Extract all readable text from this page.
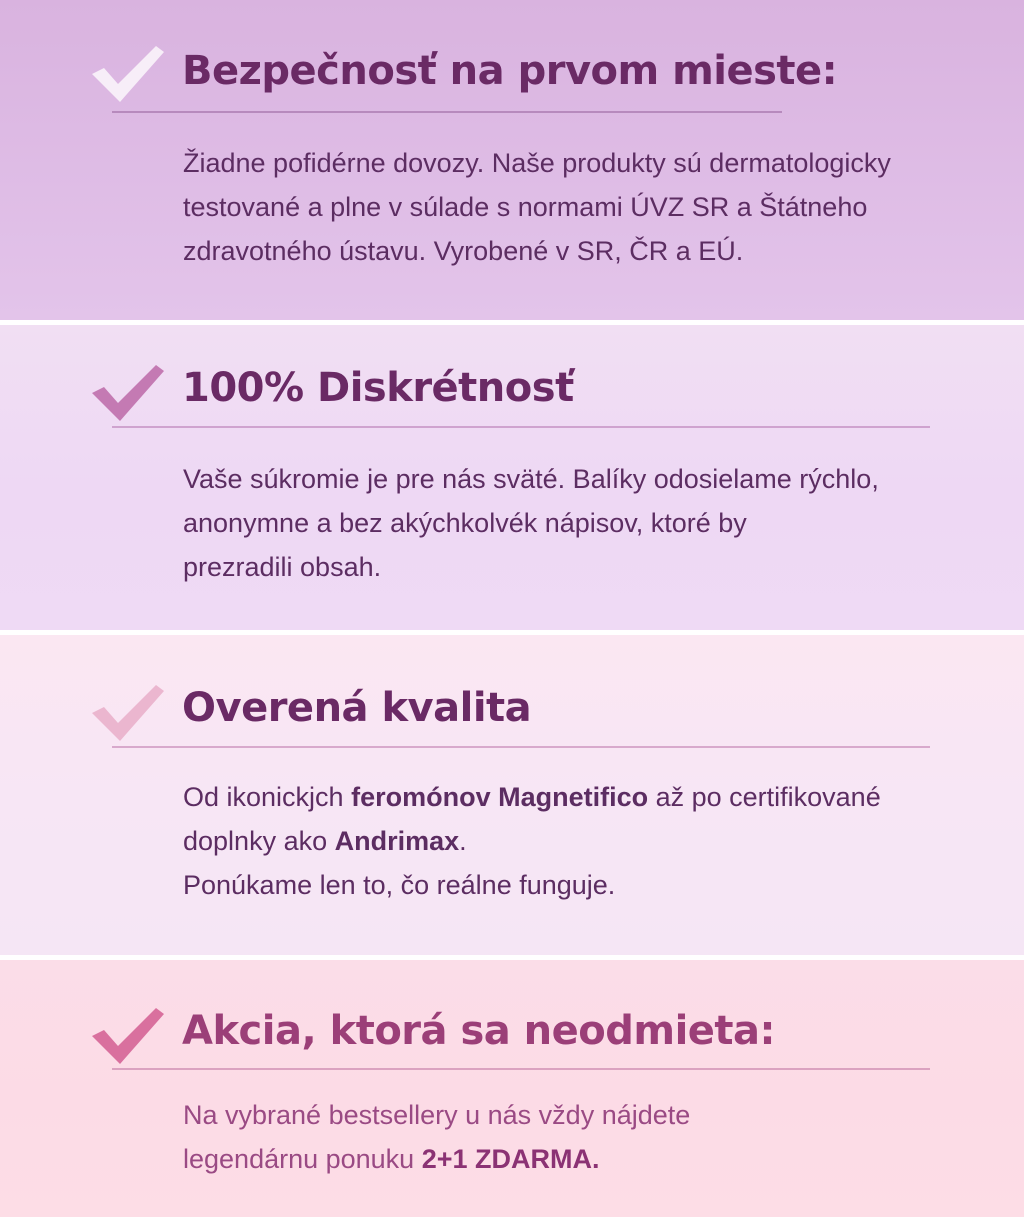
Bezpečnosť na prvom mieste:
Žiadne pofidérne dovozy. Naše produkty sú dermatologicky
testované a plne v súlade s normami ÚVZ SR a Štátneho
zdravotného ústavu. Vyrobené v SR, ČR a EÚ.
100% Diskrétnosť
Vaše súkromie je pre nás sväté. Balíky odosielame rýchlo,
anonymne a bez akýchkolvék nápisov, ktoré by
prezradili obsah.
Overená kvalita
Od ikonickjch feromónov Magnetifico až po certifikované
doplnky ako Andrimax.
Ponúkame len to, čo reálne funguje.
Akcia, ktorá sa neodmieta:
Na vybrané bestsellery u nás vždy nájdete
legendárnu ponuku 2+1 ZDARMA.
